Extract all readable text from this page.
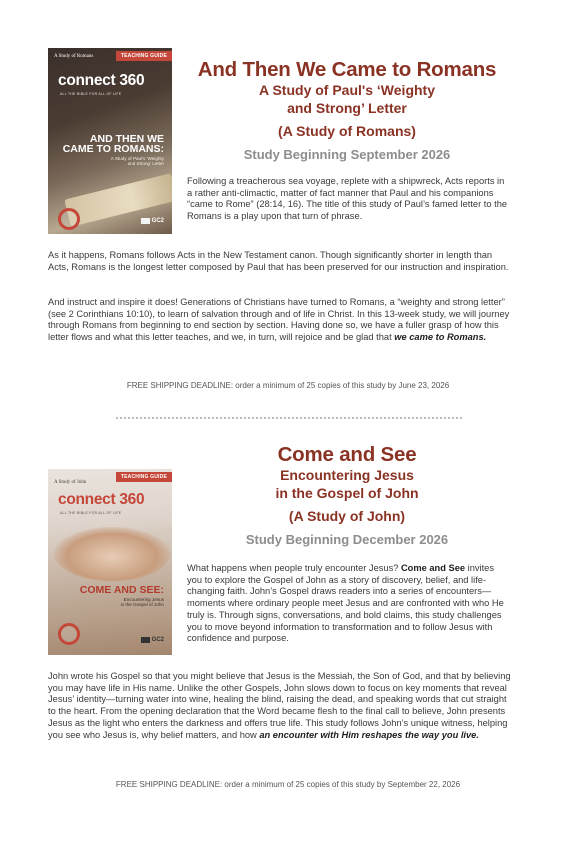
A Study of Romans	TEACHING GUIDE
connect 360
ALL THE BIBLE FOR ALL OF LIFE
AND THEN WE
CAME TO ROMANS:
A Study of Paul's 'Weighty
and Strong' Letter
GC2
And Then We Came to Romans
A Study of Paul's ‘Weighty
and Strong’ Letter
(A Study of Romans)
Study Beginning September 2026

Following a treacherous sea voyage, replete with a shipwreck, Acts reports in a rather anti-climactic, matter of fact manner that Paul and his companions “came to Rome” (28:14, 16). The title of this study of Paul’s famed letter to the Romans is a play upon that turn of phrase.

As it happens, Romans follows Acts in the New Testament canon. Though significantly shorter in length than Acts, Romans is the longest letter composed by Paul that has been preserved for our instruction and inspiration.

And instruct and inspire it does! Generations of Christians have turned to Romans, a “weighty and strong letter” (see 2 Corinthians 10:10), to learn of salvation through and of life in Christ. In this 13-week study, we will journey through Romans from beginning to end section by section. Having done so, we have a fuller grasp of how this letter flows and what this letter teaches, and we, in turn, will rejoice and be glad that we came to Romans.

FREE SHIPPING DEADLINE: order a minimum of 25 copies of this study by June 23, 2026
A Study of John
TEACHING GUIDE
connect 360
ALL THE BIBLE FOR ALL OF LIFE
COME AND SEE:
Encountering Jesus
in the Gospel of John
GC2
Come and See
Encountering Jesus
in the Gospel of John
(A Study of John)
Study Beginning December 2026

What happens when people truly encounter Jesus? Come and See invites you to explore the Gospel of John as a story of discovery, belief, and life-changing faith. John’s Gospel draws readers into a series of encounters—moments where ordinary people meet Jesus and are confronted with who He truly is. Through signs, conversations, and bold claims, this study challenges you to move beyond information to transformation and to follow Jesus with confidence and purpose.

John wrote his Gospel so that you might believe that Jesus is the Messiah, the Son of God, and that by believing you may have life in His name. Unlike the other Gospels, John slows down to focus on key moments that reveal Jesus’ identity—turning water into wine, healing the blind, raising the dead, and speaking words that cut straight to the heart. From the opening declaration that the Word became flesh to the final call to believe, John presents Jesus as the light who enters the darkness and offers true life. This study follows John’s unique witness, helping you see who Jesus is, why belief matters, and how an encounter with Him reshapes the way you live.

FREE SHIPPING DEADLINE: order a minimum of 25 copies of this study by September 22, 2026
